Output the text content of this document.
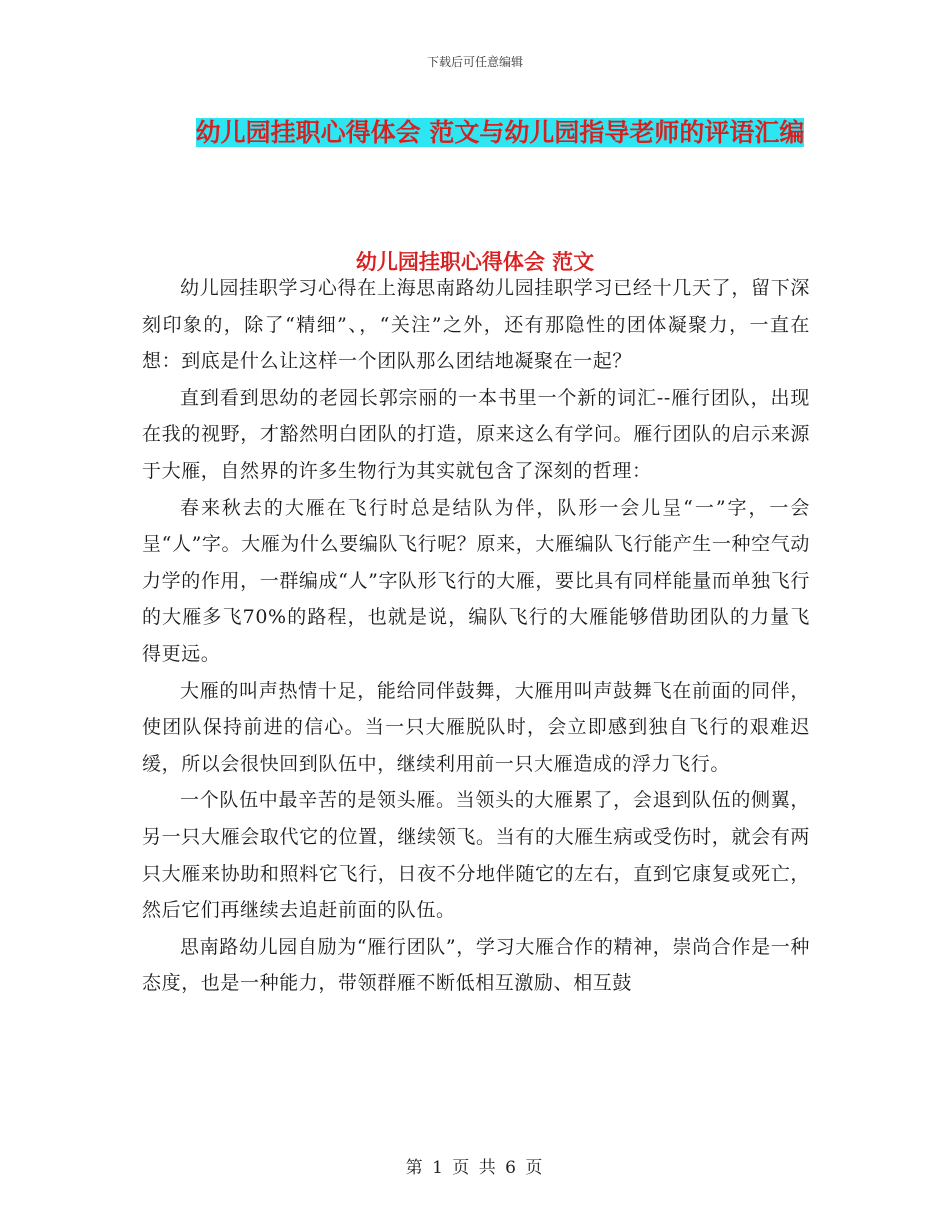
下载后可任意编辑
幼儿园挂职心得体会 范文与幼儿园指导老师的评语汇编
幼儿园挂职心得体会 范文

幼儿园挂职学习心得在上海思南路幼儿园挂职学习已经十几天了，留下深刻印象的，除了“精细”、，“关注”之外，还有那隐性的团体凝聚力，一直在想：到底是什么让这样一个团队那么团结地凝聚在一起？

直到看到思幼的老园长郭宗丽的一本书里一个新的词汇--雁行团队，出现在我的视野，才豁然明白团队的打造，原来这么有学问。雁行团队的启示来源于大雁，自然界的许多生物行为其实就包含了深刻的哲理：

春来秋去的大雁在飞行时总是结队为伴，队形一会儿呈“一”字，一会呈“人”字。大雁为什么要编队飞行呢？原来，大雁编队飞行能产生一种空气动力学的作用，一群编成“人”字队形飞行的大雁，要比具有同样能量而单独飞行的大雁多飞70%的路程，也就是说，编队飞行的大雁能够借助团队的力量飞得更远。

大雁的叫声热情十足，能给同伴鼓舞，大雁用叫声鼓舞飞在前面的同伴，使团队保持前进的信心。当一只大雁脱队时，会立即感到独自飞行的艰难迟缓，所以会很快回到队伍中，继续利用前一只大雁造成的浮力飞行。

一个队伍中最辛苦的是领头雁。当领头的大雁累了，会退到队伍的侧翼，另一只大雁会取代它的位置，继续领飞。当有的大雁生病或受伤时，就会有两只大雁来协助和照料它飞行，日夜不分地伴随它的左右，直到它康复或死亡，然后它们再继续去追赶前面的队伍。

思南路幼儿园自励为“雁行团队”，学习大雁合作的精神，崇尚合作是一种态度，也是一种能力，带领群雁不断低相互激励、相互鼓

第 1 页 共 6 页
